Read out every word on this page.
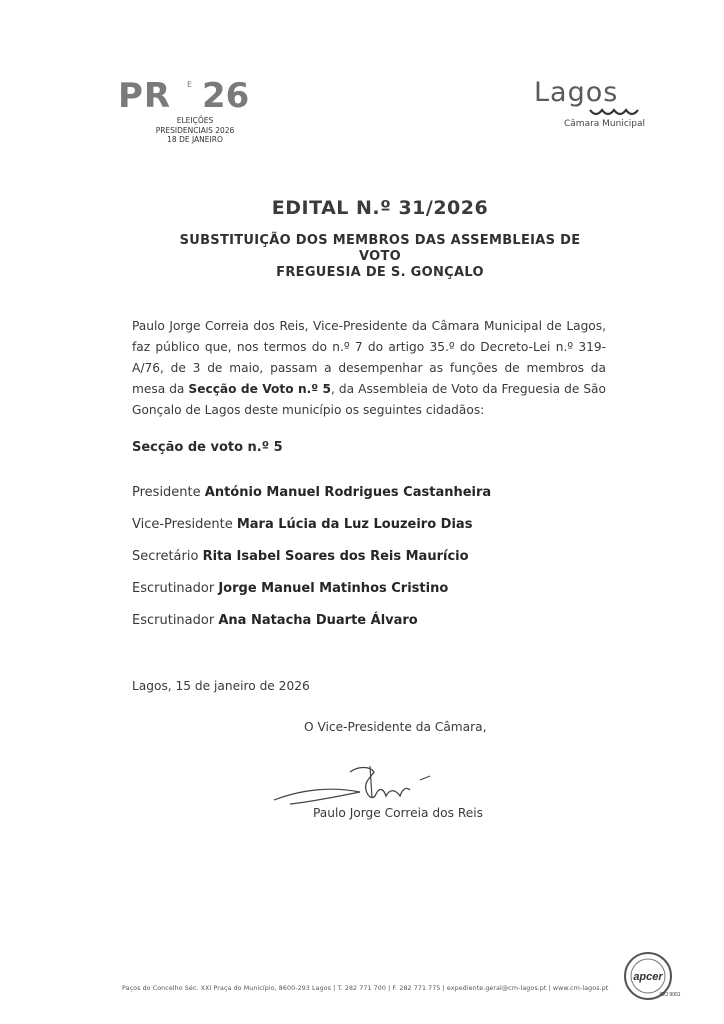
PR E 26
ELEIÇÕES
PRESIDENCIAIS 2026
18 DE JANEIRO
Lagos
Câmara Municipal
EDITAL N.º 31/2026
SUBSTITUIÇÃO DOS MEMBROS DAS ASSEMBLEIAS DE
VOTO
FREGUESIA DE S. GONÇALO
Paulo Jorge Correia dos Reis, Vice-Presidente da Câmara Municipal de Lagos, faz público que, nos termos do n.º 7 do artigo 35.º do Decreto-Lei n.º 319-A/76, de 3 de maio, passam a desempenhar as funções de membros da mesa da Secção de Voto n.º 5, da Assembleia de Voto da Freguesia de São Gonçalo de Lagos deste município os seguintes cidadãos:
Secção de voto n.º 5
Presidente António Manuel Rodrigues Castanheira
Vice-Presidente Mara Lúcia da Luz Louzeiro Dias
Secretário Rita Isabel Soares dos Reis Maurício
Escrutinador Jorge Manuel Matinhos Cristino
Escrutinador Ana Natacha Duarte Álvaro
Lagos, 15 de janeiro de 2026
O Vice-Presidente da Câmara,
Paulo Jorge Correia dos Reis
Paços do Concelho Séc. XXI Praça do Município, 8600-293 Lagos | T. 282 771 700 | F. 282 771 775 | expediente.geral@cm-lagos.pt | www.cm-lagos.pt
apcer
ISO 9001
